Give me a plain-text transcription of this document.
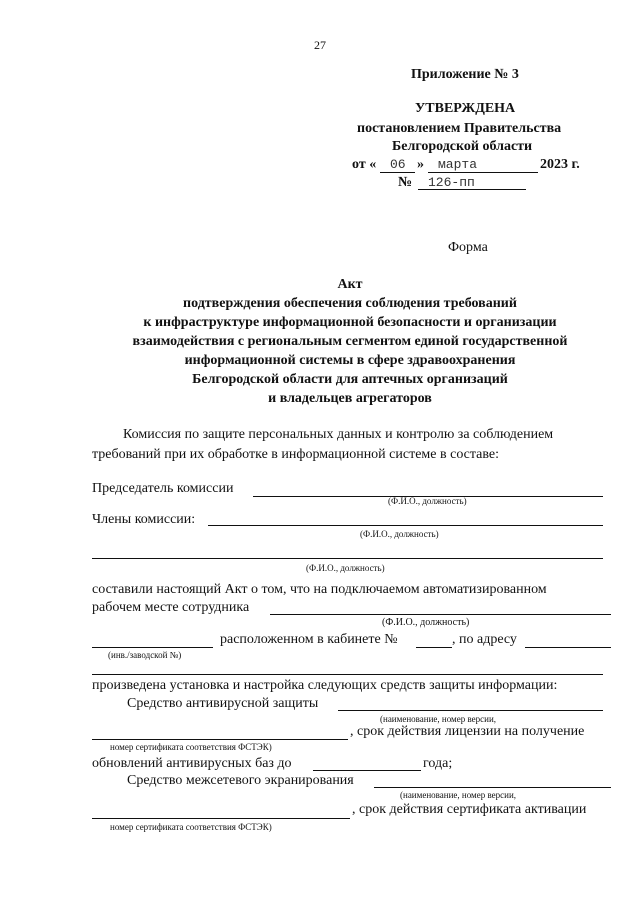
27
Приложение № 3
УТВЕРЖДЕНА
постановлением Правительства
Белгородской области
от « 06 » марта	2023 г.
№ 126-пп
Форма
Акт
подтверждения обеспечения соблюдения требований
к инфраструктуре информационной безопасности и организации
взаимодействия с региональным сегментом единой государственной
информационной системы в сфере здравоохранения
Белгородской области для аптечных организаций
и владельцев агрегаторов
Комиссия по защите персональных данных и контролю за соблюдением
требований при их обработке в информационной системе в составе:
Председатель комиссии
(Ф.И.О., должность)
Члены комиссии:
(Ф.И.О., должность)
(Ф.И.О., должность)
составили настоящий Акт о том, что на подключаемом автоматизированном
рабочем месте сотрудника
(Ф.И.О., должность)
расположенном в кабинете №	, по адресу
(инв./заводской №)
произведена установка и настройка следующих средств защиты информации:
Средство антивирусной защиты
(наименование, номер версии,
, срок действия лицензии на получение
номер сертификата соответствия ФСТЭК)
обновлений антивирусных баз до	года;
Средство межсетевого экранирования
(наименование, номер версии,
, срок действия сертификата активации
номер сертификата соответствия ФСТЭК)
